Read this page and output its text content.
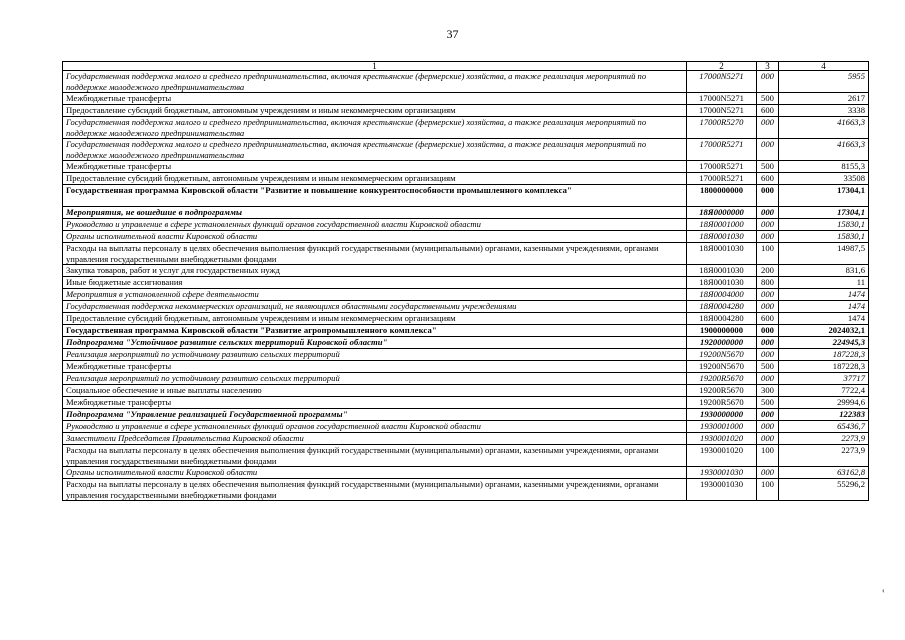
37
1	2	3	4
Государственная поддержка малого и среднего предпринимательства, включая крестьянские (фермерские) хозяйства, а также реализация мероприятий по поддержке молодежного предпринимательства	17000N5271	000	5955
Межбюджетные трансферты	17000N5271	500	2617
Предоставление субсидий бюджетным, автономным учреждениям и иным некоммерческим организациям	17000N5271	600	3338
Государственная поддержка малого и среднего предпринимательства, включая крестьянские (фермерские) хозяйства, а также реализация мероприятий по поддержке молодежного предпринимательства	17000R5270	000	41663,3
Государственная поддержка малого и среднего предпринимательства, включая крестьянские (фермерские) хозяйства, а также реализация мероприятий по поддержке молодежного предпринимательства	17000R5271	000	41663,3
Межбюджетные трансферты	17000R5271	500	8155,3
Предоставление субсидий бюджетным, автономным учреждениям и иным некоммерческим организациям	17000R5271	600	33508
Государственная программа Кировской области "Развитие и повышение конкурентоспособности промышленного комплекса"	1800000000	000	17304,1
Мероприятия, не вошедшие в подпрограммы	18Я0000000	000	17304,1
Руководство и управление в сфере установленных функций органов государственной власти Кировской области	18Я0001000	000	15830,1
Органы исполнительной власти Кировской области	18Я0001030	000	15830,1
Расходы на выплаты персоналу в целях обеспечения выполнения функций государственными (муниципальными) органами, казенными учреждениями, органами управления государственными внебюджетными фондами	18Я0001030	100	14987,5
Закупка товаров, работ и услуг для государственных нужд	18Я0001030	200	831,6
Иные бюджетные ассигнования	18Я0001030	800	11
Мероприятия в установленной сфере деятельности	18Я0004000	000	1474
Государственная поддержка некоммерческих организаций, не являющихся областными государственными учреждениями	18Я0004280	000	1474
Предоставление субсидий бюджетным, автономным учреждениям и иным некоммерческим организациям	18Я0004280	600	1474
Государственная программа Кировской области "Развитие агропромышленного комплекса"	1900000000	000	2024032,1
Подпрограмма "Устойчивое развитие сельских территорий Кировской области"	1920000000	000	224945,3
Реализация мероприятий по устойчивому развитию сельских территорий	19200N5670	000	187228,3
Межбюджетные трансферты	19200N5670	500	187228,3
Реализация мероприятий по устойчивому развитию сельских территорий	19200R5670	000	37717
Социальное обеспечение и иные выплаты населению	19200R5670	300	7722,4
Межбюджетные трансферты	19200R5670	500	29994,6
Подпрограмма "Управление реализацией Государственной программы"	1930000000	000	122383
Руководство и управление в сфере установленных функций органов государственной власти Кировской области	1930001000	000	65436,7
Заместители Председателя Правительства Кировской области	1930001020	000	2273,9
Расходы на выплаты персоналу в целях обеспечения выполнения функций государственными (муниципальными) органами, казенными учреждениями, органами управления государственными внебюджетными фондами	1930001020	100	2273,9
Органы исполнительной власти Кировской области	1930001030	000	63162,8
Расходы на выплаты персоналу в целях обеспечения выполнения функций государственными (муниципальными) органами, казенными учреждениями, органами управления государственными внебюджетными фондами	1930001030	100	55296,2
‹
